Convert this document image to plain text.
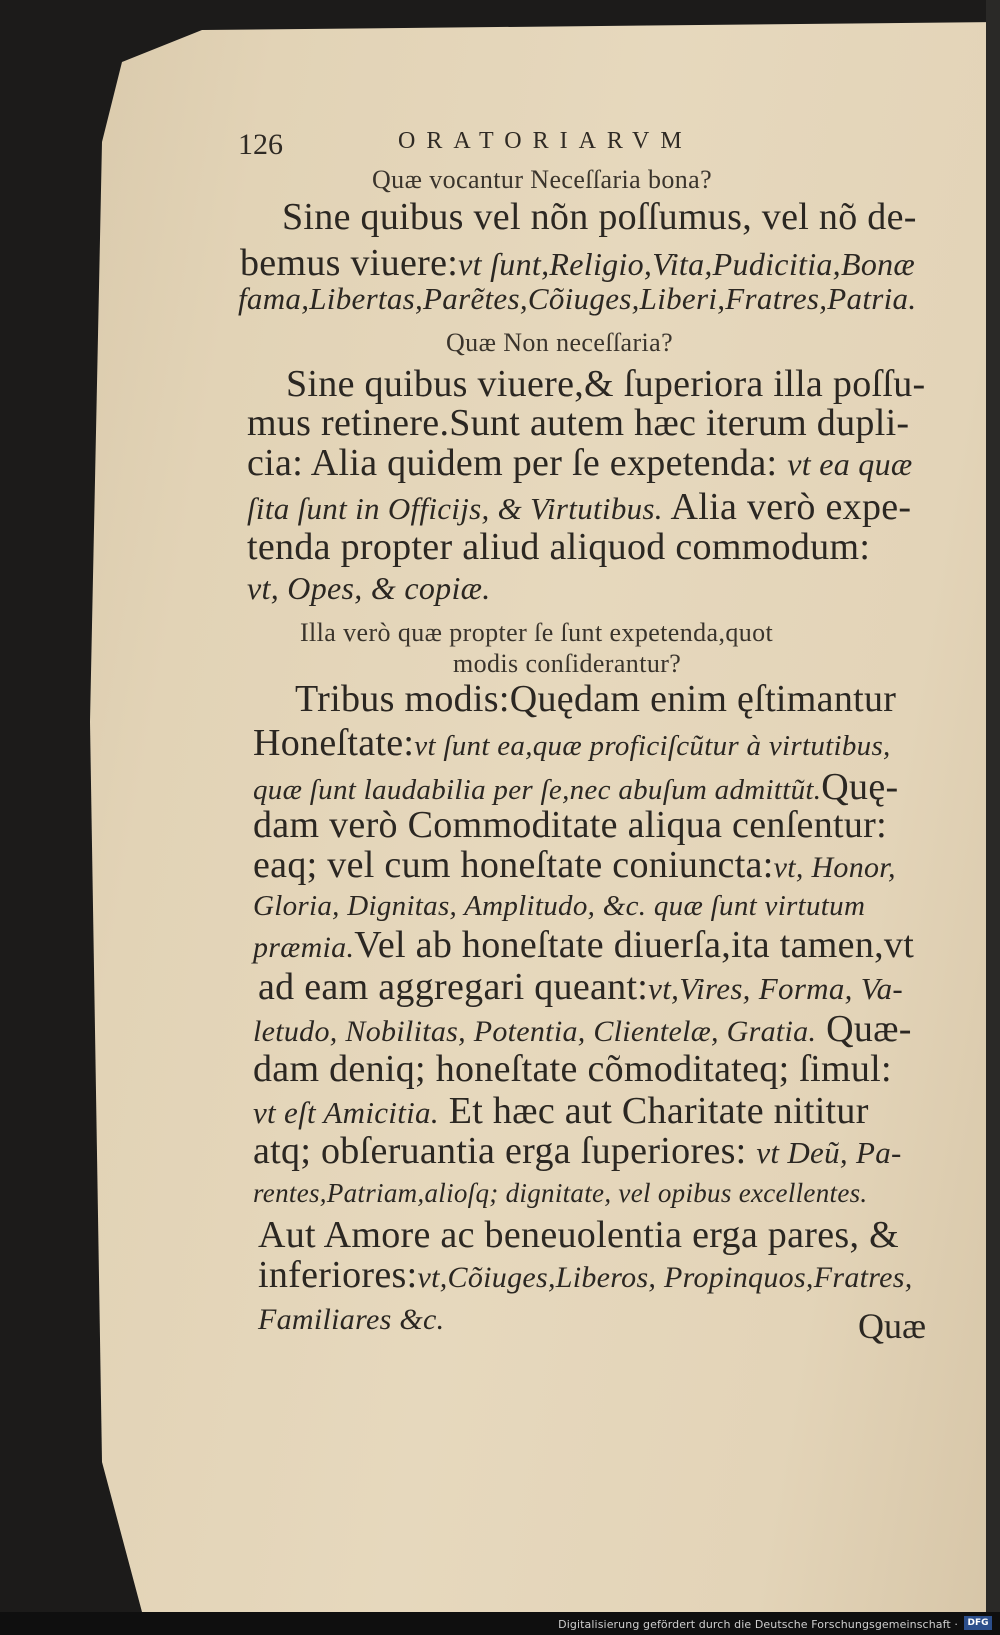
126	ORATORIARVM

Quæ vocantur Neceſſaria bona?

Sine quibus vel nõn poſſumus, vel nõ de-

bemus viuere:vt ſunt,Religio,Vita,Pudicitia,Bonæ

fama,Libertas,Parẽtes,Cõiuges,Liberi,Fratres,Patria.

Quæ Non neceſſaria?

Sine quibus viuere,& ſuperiora illa poſſu-

mus retinere.Sunt autem hæc iterum dupli-

cia: Alia quidem per ſe expetenda: vt ea quæ

ſita ſunt in Officijs, & Virtutibus. Alia verò expe-

tenda propter aliud aliquod commodum:

vt, Opes, & copiæ.

Illa verò quæ propter ſe ſunt expetenda,quot

modis conſiderantur?

Tribus modis:Quędam enim ęſtimantur

Honeſtate:vt ſunt ea,quæ proficiſcũtur à virtutibus,

quæ ſunt laudabilia per ſe,nec abuſum admittũt.Quę-

dam verò Commoditate aliqua cenſentur:

eaq; vel cum honeſtate coniuncta:vt, Honor,

Gloria, Dignitas, Amplitudo, &c. quæ ſunt virtutum

præmia.Vel ab honeſtate diuerſa,ita tamen,vt

ad eam aggregari queant:vt,Vires, Forma, Va-

letudo, Nobilitas, Potentia, Clientelæ, Gratia. Quæ-

dam deniq; honeſtate cõmoditateq; ſimul:

vt eſt Amicitia. Et hæc aut Charitate nititur

atq; obſeruantia erga ſuperiores: vt Deũ, Pa-

rentes,Patriam,alioſq; dignitate, vel opibus excellentes.

Aut Amore ac beneuolentia erga pares, &

inferiores:vt,Cõiuges,Liberos, Propinquos,Fratres,

Familiares &c.	Quæ
Digitalisierung gefördert durch die Deutsche Forschungsgemeinschaft ·	DFG
